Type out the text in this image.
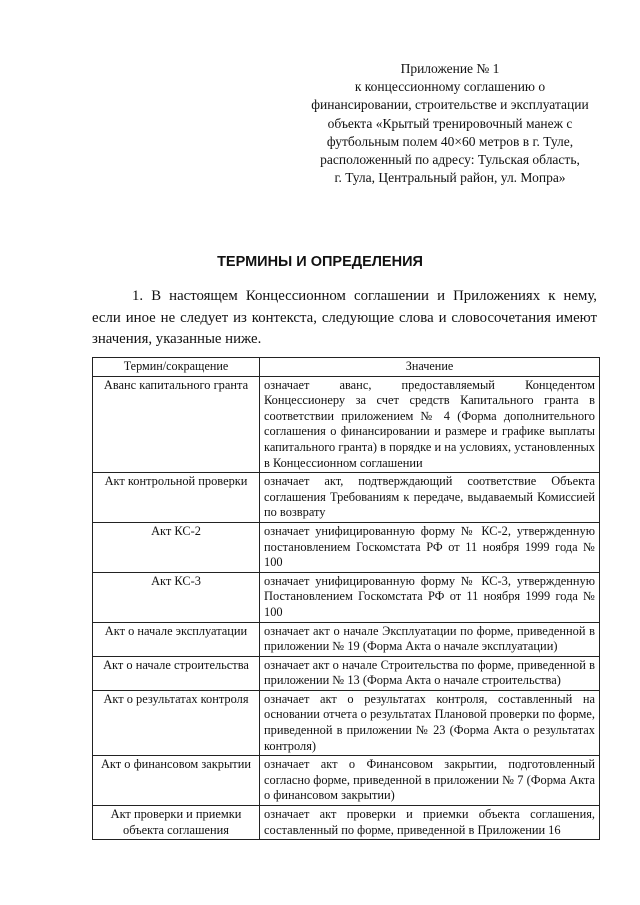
Приложение № 1
к концессионному соглашению о
финансировании, строительстве и эксплуатации
объекта «Крытый тренировочный манеж с
футбольным полем 40×60 метров в г. Туле,
расположенный по адресу: Тульская область,
г. Тула, Центральный район, ул. Мопра»
ТЕРМИНЫ И ОПРЕДЕЛЕНИЯ
1. В настоящем Концессионном соглашении и Приложениях к нему,
если иное не следует из контекста, следующие слова и словосочетания имеют
значения, указанные ниже.
Термин/сокращение	Значение
Аванс капитального гранта	означает аванс, предоставляемый Концедентом Концессионеру за счет средств Капитального гранта в соответствии приложением № 4 (Форма дополнительного соглашения о финансировании и размере и графике выплаты капитального гранта) в порядке и на условиях, установленных в Концессионном соглашении
Акт контрольной проверки	означает акт, подтверждающий соответствие Объекта соглашения Требованиям к передаче, выдаваемый Комиссией по возврату
Акт КС-2	означает унифицированную форму № КС-2, утвержденную постановлением Госкомстата РФ от 11 ноября 1999 года № 100
Акт КС-3	означает унифицированную форму № КС-3, утвержденную Постановлением Госкомстата РФ от 11 ноября 1999 года № 100
Акт о начале эксплуатации	означает акт о начале Эксплуатации по форме, приведенной в приложении № 19 (Форма Акта о начале эксплуатации)
Акт о начале строительства	означает акт о начале Строительства по форме, приведенной в приложении № 13 (Форма Акта о начале строительства)
Акт о результатах контроля	означает акт о результатах контроля, составленный на основании отчета о результатах Плановой проверки по форме, приведенной в приложении № 23 (Форма Акта о результатах контроля)
Акт о финансовом закрытии	означает акт о Финансовом закрытии, подготовленный согласно форме, приведенной в приложении № 7 (Форма Акта о финансовом закрытии)
Акт проверки и приемки объекта соглашения	означает акт проверки и приемки объекта соглашения, составленный по форме, приведенной в Приложении 16
